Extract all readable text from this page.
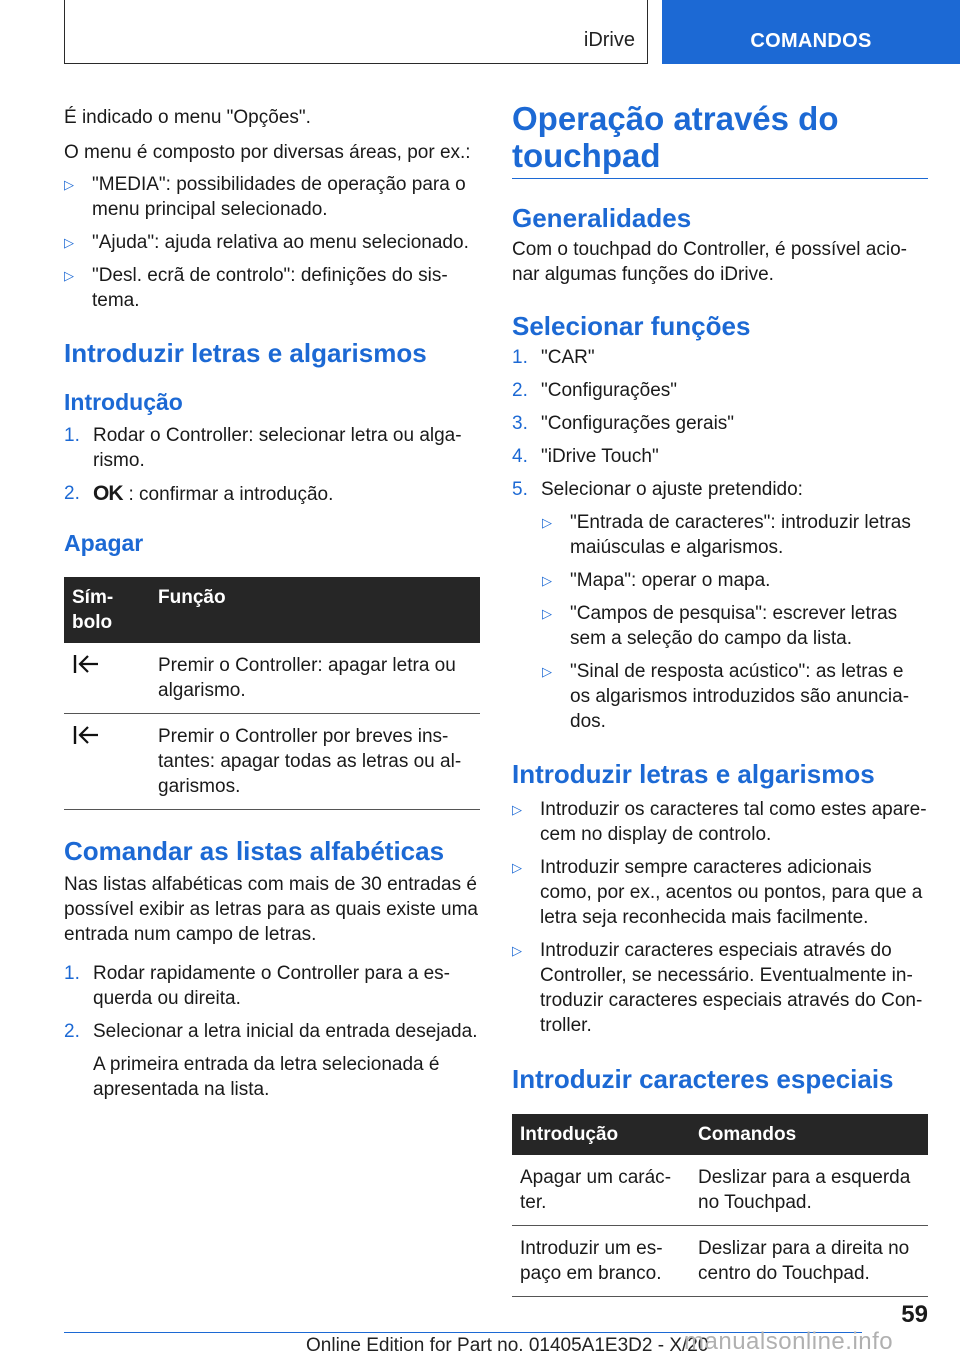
iDrive	COMANDOS

É indicado o menu "Opções".

O menu é composto por diversas áreas, por ex.:

▷ "MEDIA": possibilidades de operação para o menu principal selecionado.
▷ "Ajuda": ajuda relativa ao menu selecionado.
▷ "Desl. ecrã de controlo": definições do sistema.
Introduzir letras e algarismos
Introdução
1. Rodar o Controller: selecionar letra ou algarismo.
2. OK : confirmar a introdução.
Apagar
Símbolo	Função
	Premir o Controller: apagar letra ou algarismo.
	Premir o Controller por breves instantes: apagar todas as letras ou algarismos.
Comandar as listas alfabéticas

Nas listas alfabéticas com mais de 30 entradas é possível exibir as letras para as quais existe uma entrada num campo de letras.

1. Rodar rapidamente o Controller para a esquerda ou direita.
2. Selecionar a letra inicial da entrada desejada.

A primeira entrada da letra selecionada é apresentada na lista.

Operação através do touchpad
Generalidades

Com o touchpad do Controller, é possível acionar algumas funções do iDrive.

Selecionar funções
1. "CAR"
2. "Configurações"
3. "Configurações gerais"
4. "iDrive Touch"
5. Selecionar o ajuste pretendido:
▷ "Entrada de caracteres": introduzir letras maiúsculas e algarismos.
▷ "Mapa": operar o mapa.
▷ "Campos de pesquisa": escrever letras sem a seleção do campo da lista.
▷ "Sinal de resposta acústico": as letras e os algarismos introduzidos são anunciados.
Introduzir letras e algarismos
▷ Introduzir os caracteres tal como estes aparecem no display de controlo.
▷ Introduzir sempre caracteres adicionais como, por ex., acentos ou pontos, para que a letra seja reconhecida mais facilmente.
▷ Introduzir caracteres especiais através do Controller, se necessário. Eventualmente introduzir caracteres especiais através do Controller.
Introduzir caracteres especiais
Introdução	Comandos
Apagar um carácter.	Deslizar para a esquerda no Touchpad.
Introduzir um espaço em branco.	Deslizar para a direita no centro do Touchpad.
59
Online Edition for Part no. 01405A1E3D2 - X/20
manualsonline.info
